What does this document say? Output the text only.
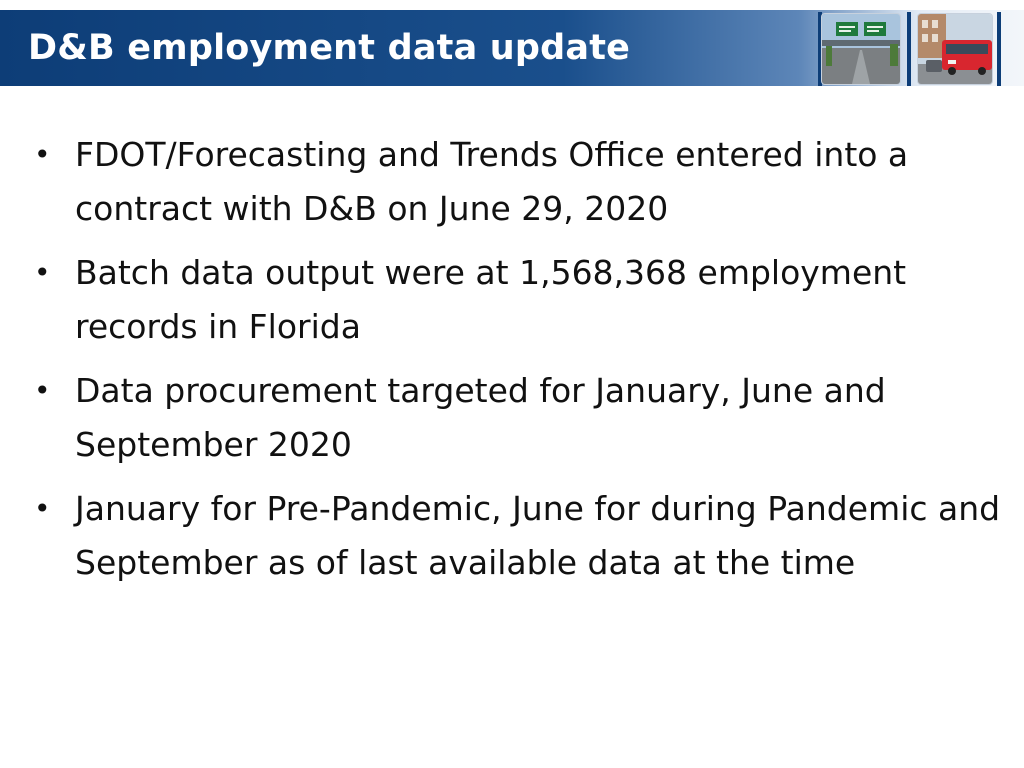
D&B employment data update
• FDOT/Forecasting and Trends Office entered into a contract with D&B on June 29, 2020
• Batch data output were at 1,568,368 employment records in Florida
• Data procurement targeted for January, June and September 2020
• January for Pre-Pandemic, June for during Pandemic and September as of last available data at the time
